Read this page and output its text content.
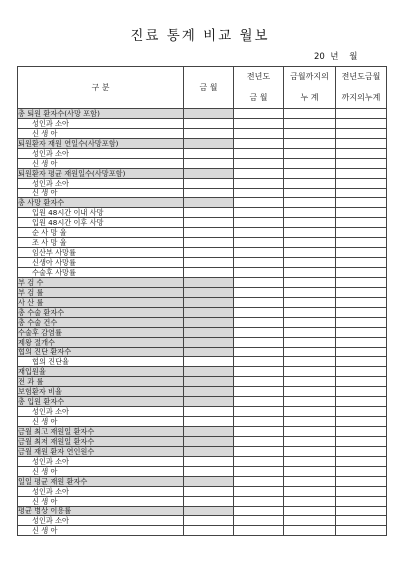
진료 통계 비교 월보
20  년    월
구 분	금 월	전년도	금월까지의	전년도금월
		금 월	누 계	까지의누계
총 퇴원 환자수(사망 포함)				
성인과 소아				
신 생 아				
퇴원환자 재원 연일수(사망포함)				
성인과 소아				
신 생 아				
퇴원환자 평균 재원일수(사망포함)				
성인과 소아				
신 생 아				
총 사망 환자수				
입원 48시간 이내 사망				
입원 48시간 이후 사망				
순 사 망 율				
조 사 망 율				
임산부 사망률				
신생아 사망률				
수술후 사망률				
부 검 수				
부 검 률				
사 산 률				
총 수술 환자수				
총 수술 건수				
수술후 감염률				
제왕 절개수				
협의 진단 환자수				
협의 진단율				
재입원율				
전 과 률				
보험환자 비율				
총 입원 환자수				
성인과 소아				
신 생 아				
금월 최고 재원일 환자수				
금월 최저 재원일 환자수				
금월 재원 환자 연인원수				
성인과 소아				
신 생 아				
일일 평균 재원 환자수				
성인과 소아				
신 생 아				
평균 병상 이용률				
성인과 소아				
신 생 아				
